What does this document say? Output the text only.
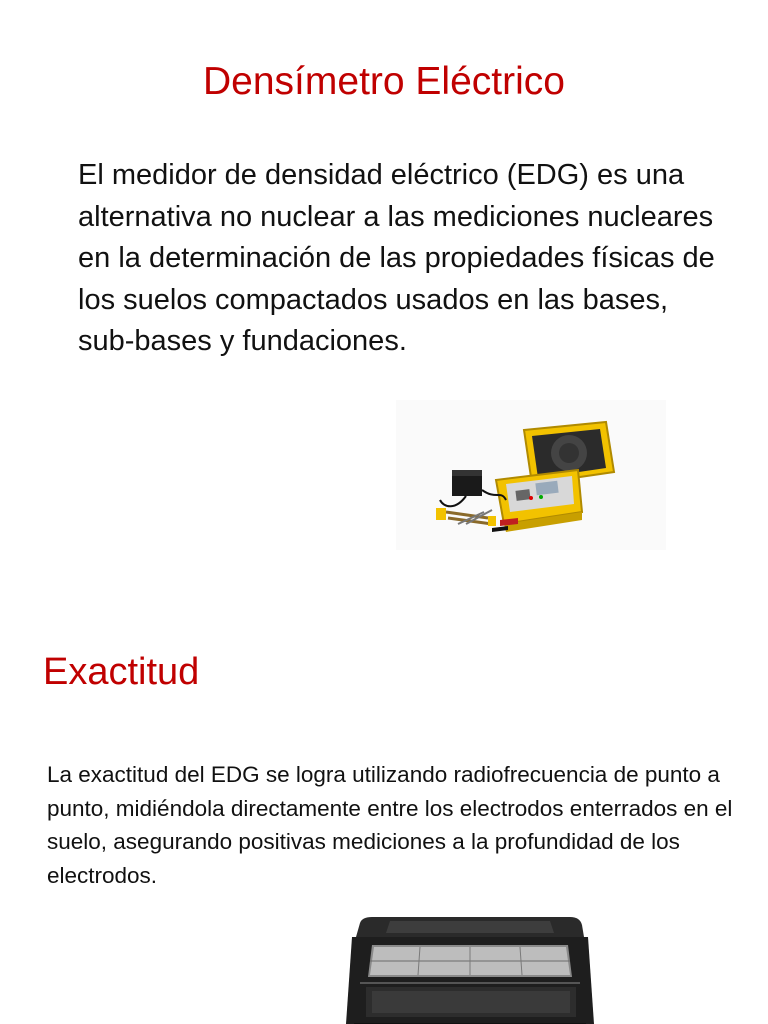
Densímetro Eléctrico

El medidor de densidad eléctrico (EDG) es una alternativa no nuclear a las mediciones nucleares en la determinación de las propiedades físicas de los suelos compactados usados en las bases, sub-bases y fundaciones.

Exactitud

La exactitud del EDG se logra utilizando radiofrecuencia de punto a punto, midiéndola directamente entre los electrodos enterrados en el suelo, asegurando positivas mediciones a la profundidad de los electrodos.
